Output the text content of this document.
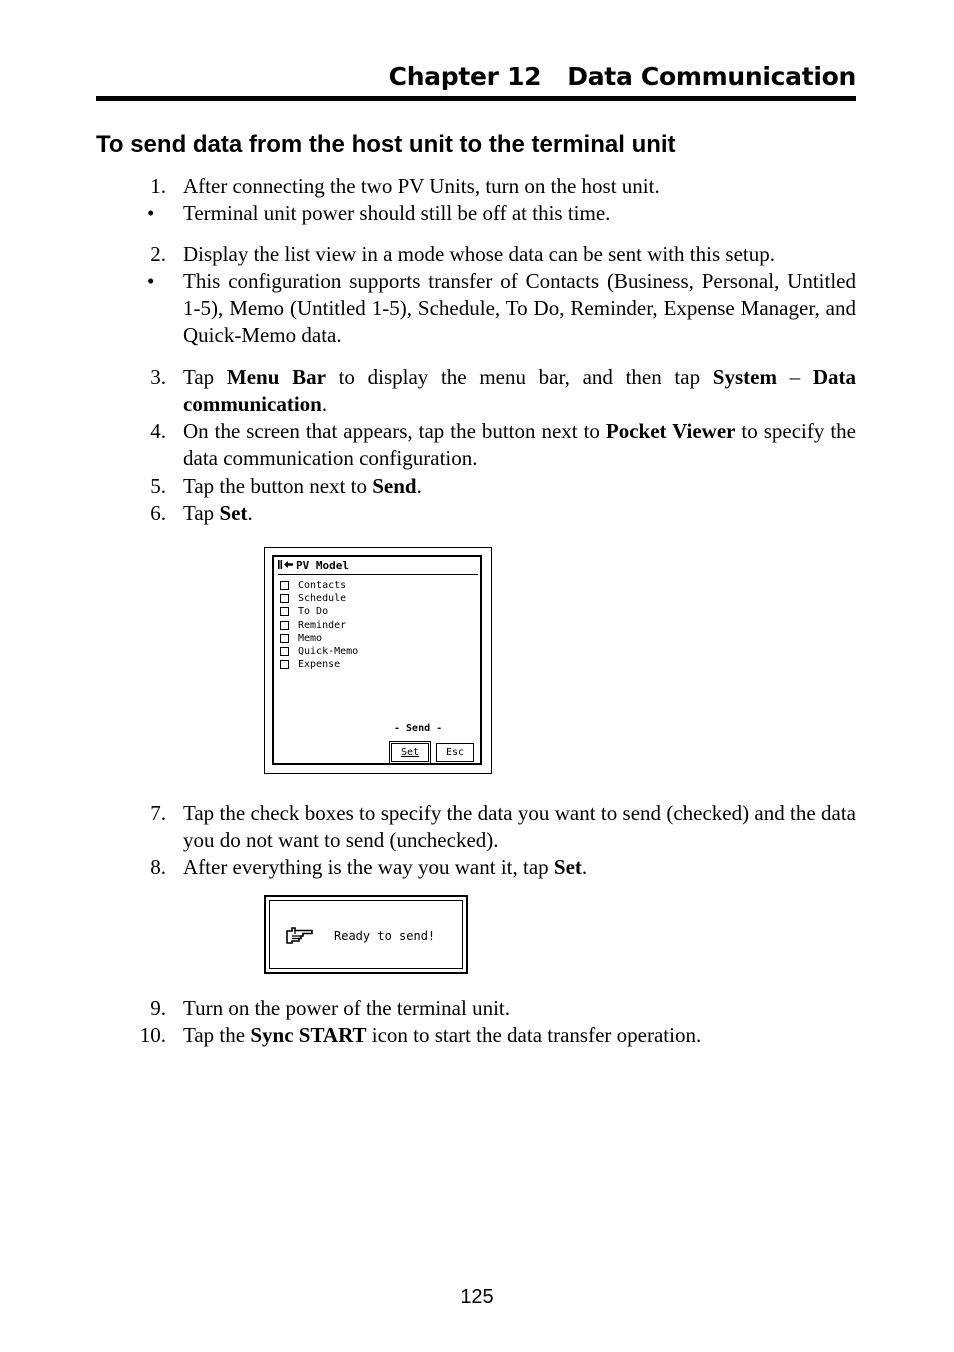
Chapter 12 Data Communication
To send data from the host unit to the terminal unit
1. After connecting the two PV Units, turn on the host unit.
• Terminal unit power should still be off at this time.
2. Display the list view in a mode whose data can be sent with this setup.
• This configuration supports transfer of Contacts (Business, Personal, Untitled 1-5), Memo (Untitled 1-5), Schedule, To Do, Reminder, Expense Manager, and Quick-Memo data.
3. Tap Menu Bar to display the menu bar, and then tap System – Data communication.
4. On the screen that appears, tap the button next to Pocket Viewer to specify the data communication configuration.
5. Tap the button next to Send.
6. Tap Set.
PV Model
Contacts
Schedule
To Do
Reminder
Memo
Quick-Memo
Expense
- Send -
Set	Esc
7. Tap the check boxes to specify the data you want to send (checked) and the data you do not want to send (unchecked).
8. After everything is the way you want it, tap Set.
Ready to send!
9. Turn on the power of the terminal unit.
10. Tap the Sync START icon to start the data transfer operation.
125
